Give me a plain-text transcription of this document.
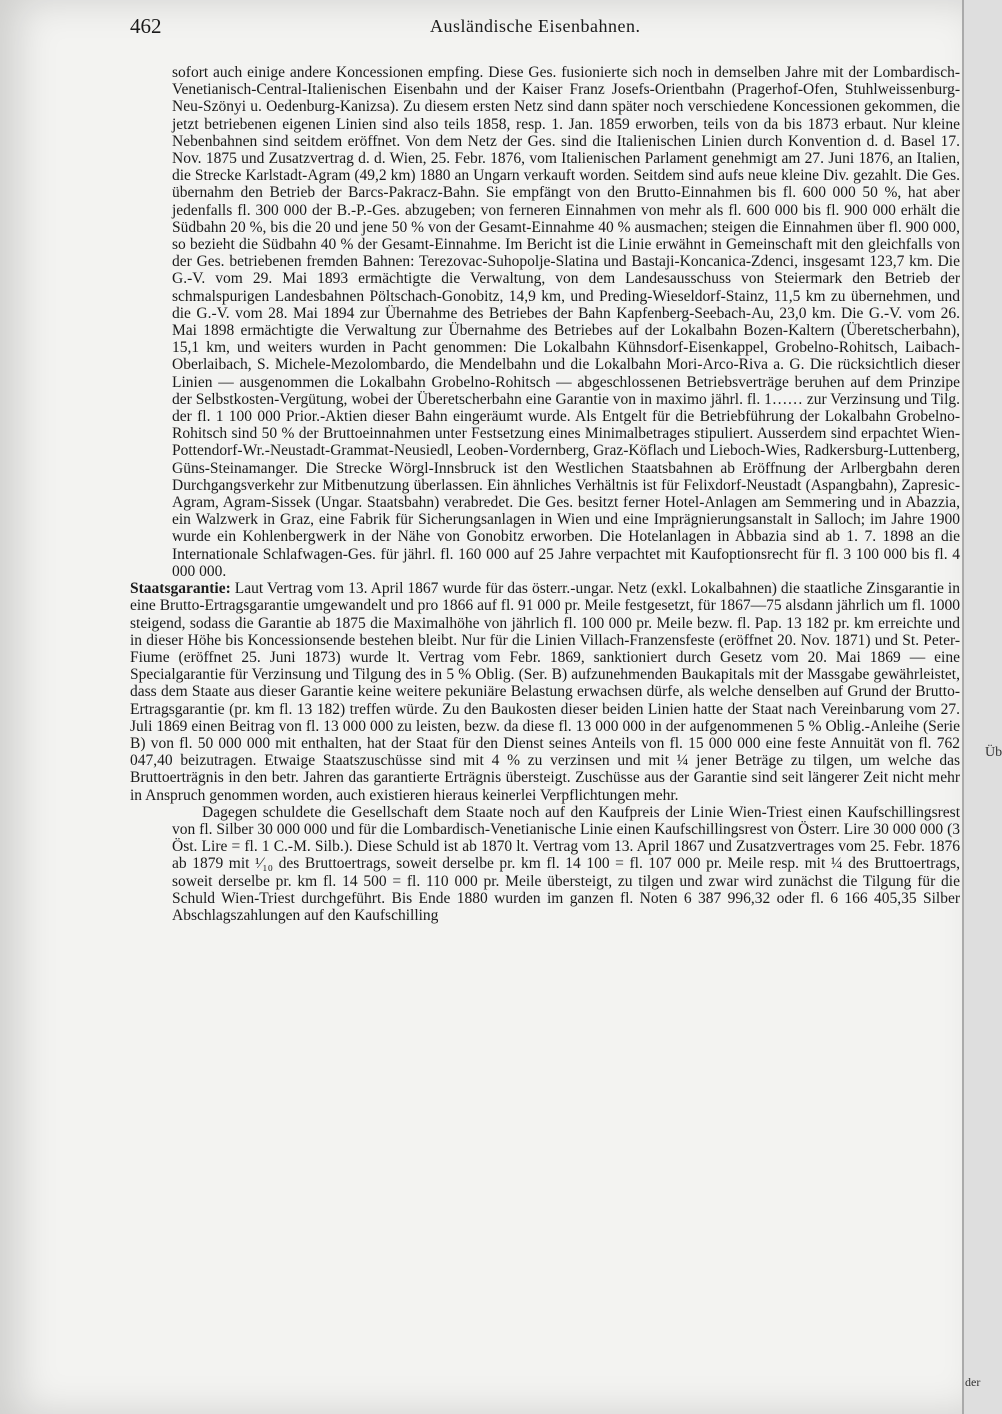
Üb
der
462	Ausländische Eisenbahnen.

sofort auch einige andere Koncessionen empfing. Diese Ges. fusionierte sich noch in demselben Jahre mit der Lombardisch-Venetianisch-Central-Italienischen Eisenbahn und der Kaiser Franz Josefs-Orientbahn (Pragerhof-Ofen, Stuhlweissenburg-Neu-Szönyi u. Oedenburg-Kanizsa). Zu diesem ersten Netz sind dann später noch verschiedene Koncessionen gekommen, die jetzt betriebenen eigenen Linien sind also teils 1858, resp. 1. Jan. 1859 erworben, teils von da bis 1873 erbaut. Nur kleine Nebenbahnen sind seitdem eröffnet. Von dem Netz der Ges. sind die Italienischen Linien durch Konvention d. d. Basel 17. Nov. 1875 und Zusatzvertrag d. d. Wien, 25. Febr. 1876, vom Italienischen Parlament genehmigt am 27. Juni 1876, an Italien, die Strecke Karlstadt-Agram (49,2 km) 1880 an Ungarn verkauft worden. Seitdem sind aufs neue kleine Div. gezahlt. Die Ges. übernahm den Betrieb der Barcs-Pakracz-Bahn. Sie empfängt von den Brutto-Einnahmen bis fl. 600 000 50 %, hat aber jedenfalls fl. 300 000 der B.-P.-Ges. abzugeben; von ferneren Einnahmen von mehr als fl. 600 000 bis fl. 900 000 erhält die Südbahn 20 %, bis die 20 und jene 50 % von der Gesamt-Einnahme 40 % ausmachen; steigen die Einnahmen über fl. 900 000, so bezieht die Südbahn 40 % der Gesamt-Einnahme. Im Bericht ist die Linie erwähnt in Gemeinschaft mit den gleichfalls von der Ges. betriebenen fremden Bahnen: Terezovac-Suhopolje-Slatina und Bastaji-Koncanica-Zdenci, insgesamt 123,7 km. Die G.-V. vom 29. Mai 1893 ermächtigte die Verwaltung, von dem Landesausschuss von Steiermark den Betrieb der schmalspurigen Landesbahnen Pöltschach-Gonobitz, 14,9 km, und Preding-Wieseldorf-Stainz, 11,5 km zu übernehmen, und die G.-V. vom 28. Mai 1894 zur Übernahme des Betriebes der Bahn Kapfenberg-Seebach-Au, 23,0 km. Die G.-V. vom 26. Mai 1898 ermächtigte die Verwaltung zur Übernahme des Betriebes auf der Lokalbahn Bozen-Kaltern (Überetscherbahn), 15,1 km, und weiters wurden in Pacht genommen: Die Lokalbahn Kühnsdorf-Eisenkappel, Grobelno-Rohitsch, Laibach-Oberlaibach, S. Michele-Mezolombardo, die Mendelbahn und die Lokalbahn Mori-Arco-Riva a. G. Die rücksichtlich dieser Linien — ausgenommen die Lokalbahn Grobelno-Rohitsch — abgeschlossenen Betriebsverträge beruhen auf dem Prinzipe der Selbstkosten-Vergütung, wobei der Überetscherbahn eine Garantie von in maximo jährl. fl. 1…… zur Verzinsung und Tilg. der fl. 1 100 000 Prior.-Aktien dieser Bahn eingeräumt wurde. Als Entgelt für die Betriebführung der Lokalbahn Grobelno-Rohitsch sind 50 % der Bruttoeinnahmen unter Festsetzung eines Minimalbetrages stipuliert. Ausserdem sind erpachtet Wien-Pottendorf-Wr.-Neustadt-Grammat-Neusiedl, Leoben-Vordernberg, Graz-Köflach und Lieboch-Wies, Radkersburg-Luttenberg, Güns-Steinamanger. Die Strecke Wörgl-Innsbruck ist den Westlichen Staatsbahnen ab Eröffnung der Arlbergbahn deren Durchgangsverkehr zur Mitbenutzung überlassen. Ein ähnliches Verhältnis ist für Felixdorf-Neustadt (Aspangbahn), Zapresic-Agram, Agram-Sissek (Ungar. Staatsbahn) verabredet. Die Ges. besitzt ferner Hotel-Anlagen am Semmering und in Abazzia, ein Walzwerk in Graz, eine Fabrik für Sicherungsanlagen in Wien und eine Imprägnierungsanstalt in Salloch; im Jahre 1900 wurde ein Kohlenbergwerk in der Nähe von Gonobitz erworben. Die Hotelanlagen in Abbazia sind ab 1. 7. 1898 an die Internationale Schlafwagen-Ges. für jährl. fl. 160 000 auf 25 Jahre verpachtet mit Kaufoptionsrecht für fl. 3 100 000 bis fl. 4 000 000.

Staatsgarantie: Laut Vertrag vom 13. April 1867 wurde für das österr.-ungar. Netz (exkl. Lokalbahnen) die staatliche Zinsgarantie in eine Brutto-Ertragsgarantie umgewandelt und pro 1866 auf fl. 91 000 pr. Meile festgesetzt, für 1867—75 alsdann jährlich um fl. 1000 steigend, sodass die Garantie ab 1875 die Maximalhöhe von jährlich fl. 100 000 pr. Meile bezw. fl. Pap. 13 182 pr. km erreichte und in dieser Höhe bis Koncessionsende bestehen bleibt. Nur für die Linien Villach-Franzensfeste (eröffnet 20. Nov. 1871) und St. Peter-Fiume (eröffnet 25. Juni 1873) wurde lt. Vertrag vom Febr. 1869, sanktioniert durch Gesetz vom 20. Mai 1869 — eine Specialgarantie für Verzinsung und Tilgung des in 5 % Oblig. (Ser. B) aufzunehmenden Baukapitals mit der Massgabe gewährleistet, dass dem Staate aus dieser Garantie keine weitere pekuniäre Belastung erwachsen dürfe, als welche denselben auf Grund der Brutto-Ertragsgarantie (pr. km fl. 13 182) treffen würde. Zu den Baukosten dieser beiden Linien hatte der Staat nach Vereinbarung vom 27. Juli 1869 einen Beitrag von fl. 13 000 000 zu leisten, bezw. da diese fl. 13 000 000 in der aufgenommenen 5 % Oblig.-Anleihe (Serie B) von fl. 50 000 000 mit enthalten, hat der Staat für den Dienst seines Anteils von fl. 15 000 000 eine feste Annuität von fl. 762 047,40 beizutragen. Etwaige Staatszuschüsse sind mit 4 % zu verzinsen und mit ¼ jener Beträge zu tilgen, um welche das Bruttoerträgnis in den betr. Jahren das garantierte Erträgnis übersteigt. Zuschüsse aus der Garantie sind seit längerer Zeit nicht mehr in Anspruch genommen worden, auch existieren hieraus keinerlei Verpflichtungen mehr.

Dagegen schuldete die Gesellschaft dem Staate noch auf den Kaufpreis der Linie Wien-Triest einen Kaufschillingsrest von fl. Silber 30 000 000 und für die Lombardisch-Venetianische Linie einen Kaufschillingsrest von Österr. Lire 30 000 000 (3 Öst. Lire = fl. 1 C.-M. Silb.). Diese Schuld ist ab 1870 lt. Vertrag vom 13. April 1867 und Zusatzvertrages vom 25. Febr. 1876 ab 1879 mit ¹⁄₁₀ des Bruttoertrags, soweit derselbe pr. km fl. 14 100 = fl. 107 000 pr. Meile resp. mit ¼ des Bruttoertrags, soweit derselbe pr. km fl. 14 500 = fl. 110 000 pr. Meile übersteigt, zu tilgen und zwar wird zunächst die Tilgung für die Schuld Wien-Triest durchgeführt. Bis Ende 1880 wurden im ganzen fl. Noten 6 387 996,32 oder fl. 6 166 405,35 Silber Abschlagszahlungen auf den Kaufschilling
